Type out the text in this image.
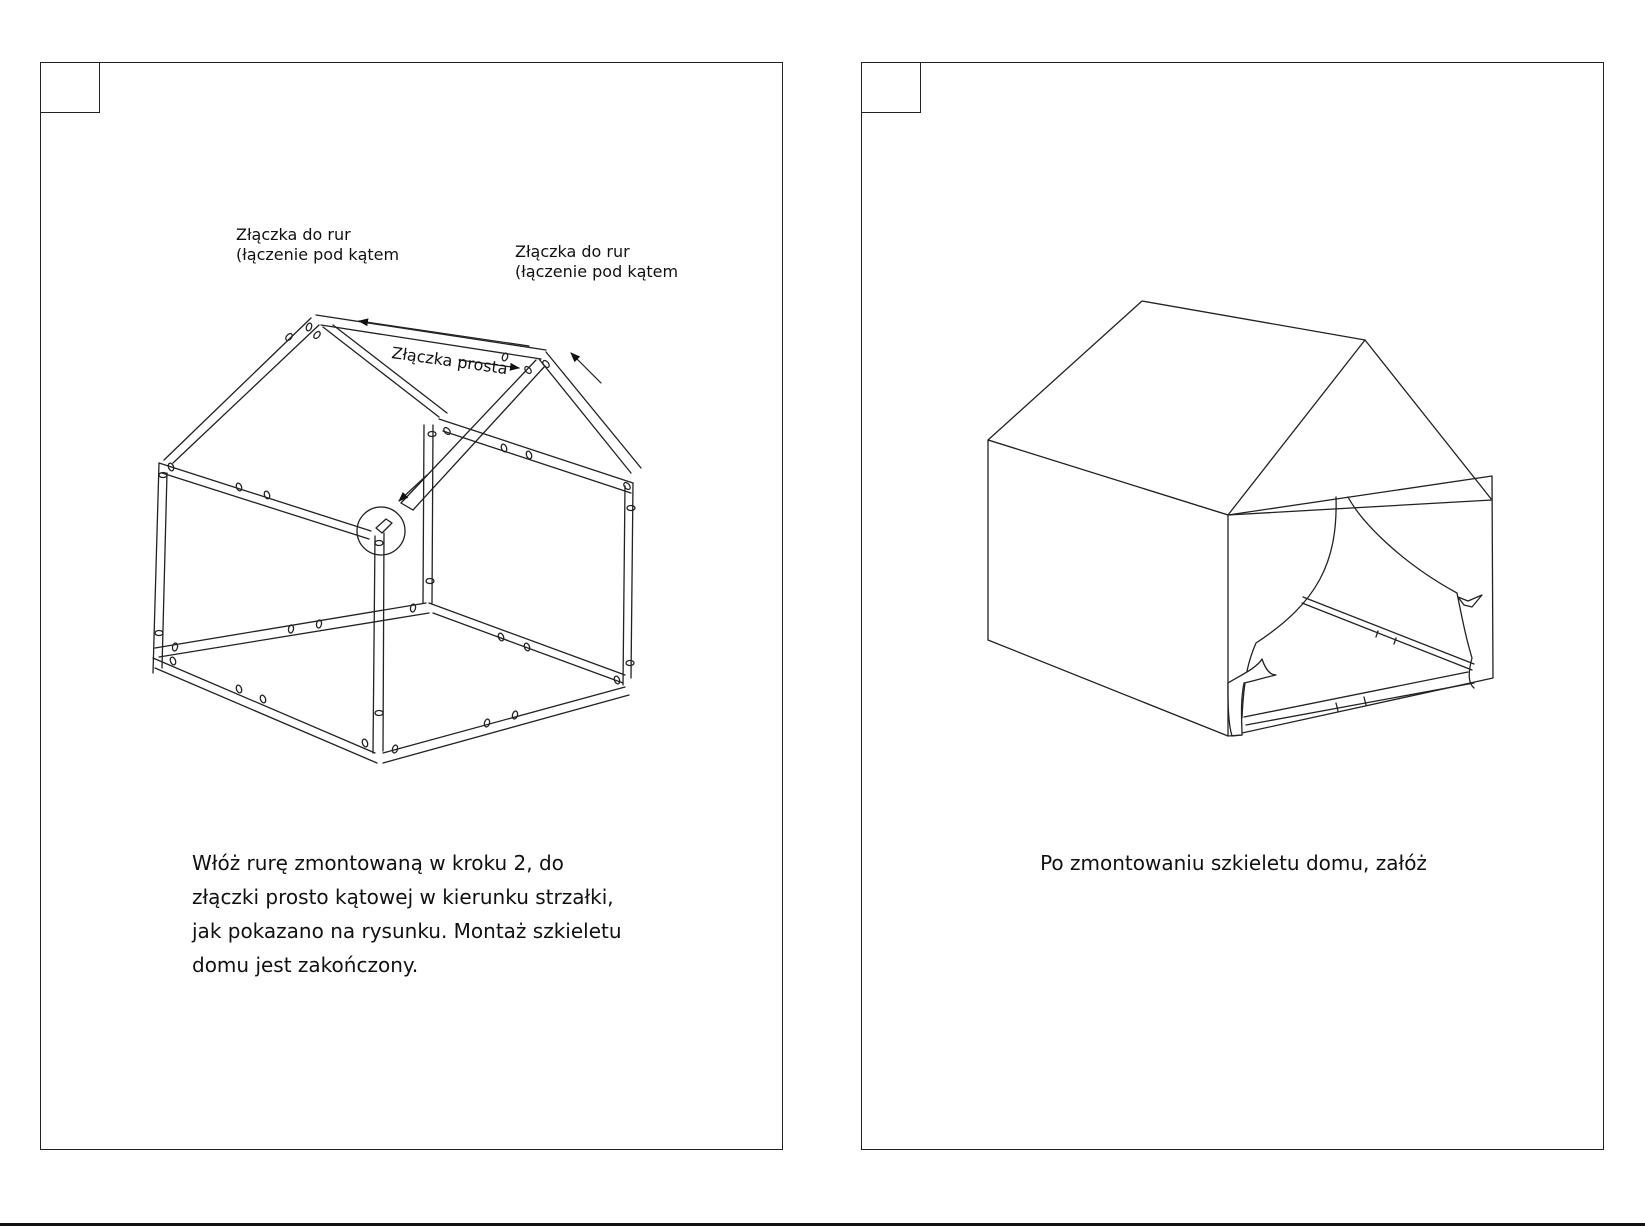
Złączka prosta
Złączka do rur
(łączenie pod kątem	Złączka do rur
(łączenie pod kątem
Włóż rurę zmontowaną w kroku 2, do
złączki prosto kątowej w kierunku strzałki,
jak pokazano na rysunku. Montaż szkieletu
domu jest zakończony.
Po zmontowaniu szkieletu domu, załóż
